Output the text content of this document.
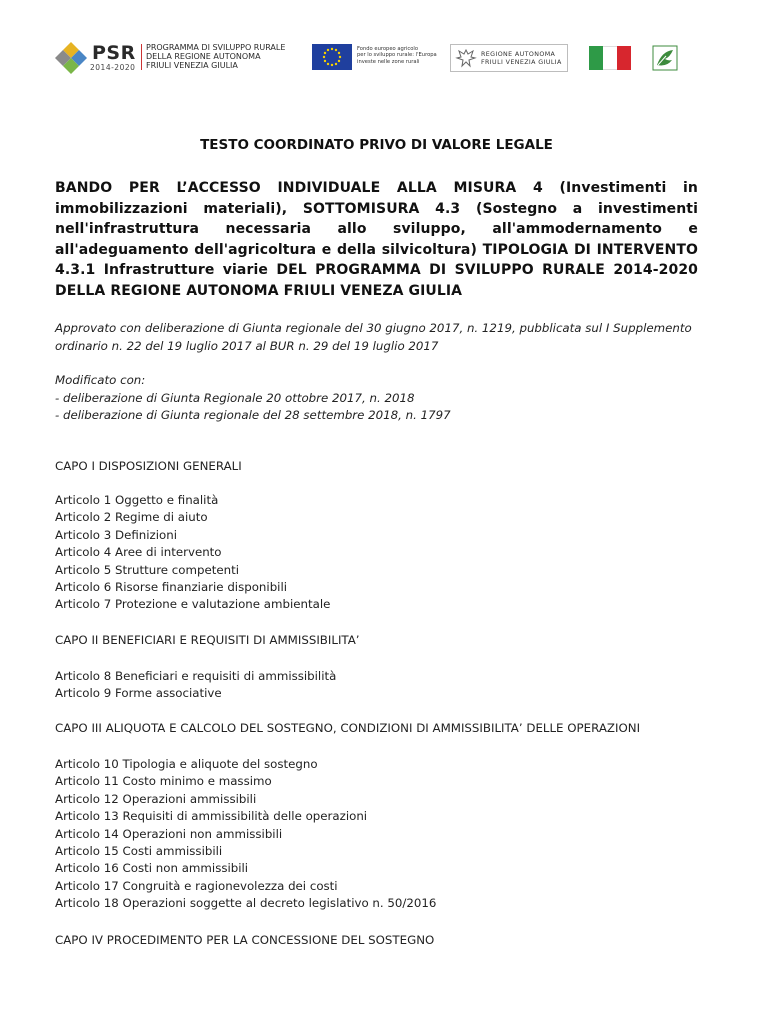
PSR
2014-2020
PROGRAMMA DI SVILUPPO RURALE
DELLA REGIONE AUTONOMA
FRIULI VENEZIA GIULIA
Fondo europeo agricolo
per lo sviluppo rurale: l'Europa
investe nelle zone rurali
REGIONE AUTONOMA
FRIULI VENEZIA GIULIA
TESTO COORDINATO PRIVO DI VALORE LEGALE
BANDO PER L’ACCESSO INDIVIDUALE ALLA MISURA 4 (Investimenti in immobilizzazioni materiali), SOTTOMISURA 4.3 (Sostegno a investimenti nell'infrastruttura necessaria allo sviluppo, all'ammodernamento e all'adeguamento dell'agricoltura e della silvicoltura) TIPOLOGIA DI INTERVENTO 4.3.1 Infrastrutture viarie DEL PROGRAMMA DI SVILUPPO RURALE 2014-2020 DELLA REGIONE AUTONOMA FRIULI VENEZA GIULIA
Approvato con deliberazione di Giunta regionale del 30 giugno 2017, n. 1219, pubblicata sul I Supplemento
ordinario n. 22 del 19 luglio 2017 al BUR n. 29 del 19 luglio 2017
Modificato con:
- deliberazione di Giunta Regionale 20 ottobre 2017, n. 2018
- deliberazione di Giunta regionale del 28 settembre 2018, n. 1797
CAPO I DISPOSIZIONI GENERALI
Articolo 1 Oggetto e finalità
Articolo 2 Regime di aiuto
Articolo 3 Definizioni
Articolo 4 Aree di intervento
Articolo 5 Strutture competenti
Articolo 6 Risorse finanziarie disponibili
Articolo 7 Protezione e valutazione ambientale
CAPO II BENEFICIARI E REQUISITI DI AMMISSIBILITA’
Articolo 8 Beneficiari e requisiti di ammissibilità
Articolo 9 Forme associative
CAPO III ALIQUOTA E CALCOLO DEL SOSTEGNO, CONDIZIONI DI AMMISSIBILITA’ DELLE OPERAZIONI
Articolo 10 Tipologia e aliquote del sostegno
Articolo 11 Costo minimo e massimo
Articolo 12 Operazioni ammissibili
Articolo 13 Requisiti di ammissibilità delle operazioni
Articolo 14 Operazioni non ammissibili
Articolo 15 Costi ammissibili
Articolo 16 Costi non ammissibili
Articolo 17 Congruità e ragionevolezza dei costi
Articolo 18 Operazioni soggette al decreto legislativo n. 50/2016
CAPO IV PROCEDIMENTO PER LA CONCESSIONE DEL SOSTEGNO
